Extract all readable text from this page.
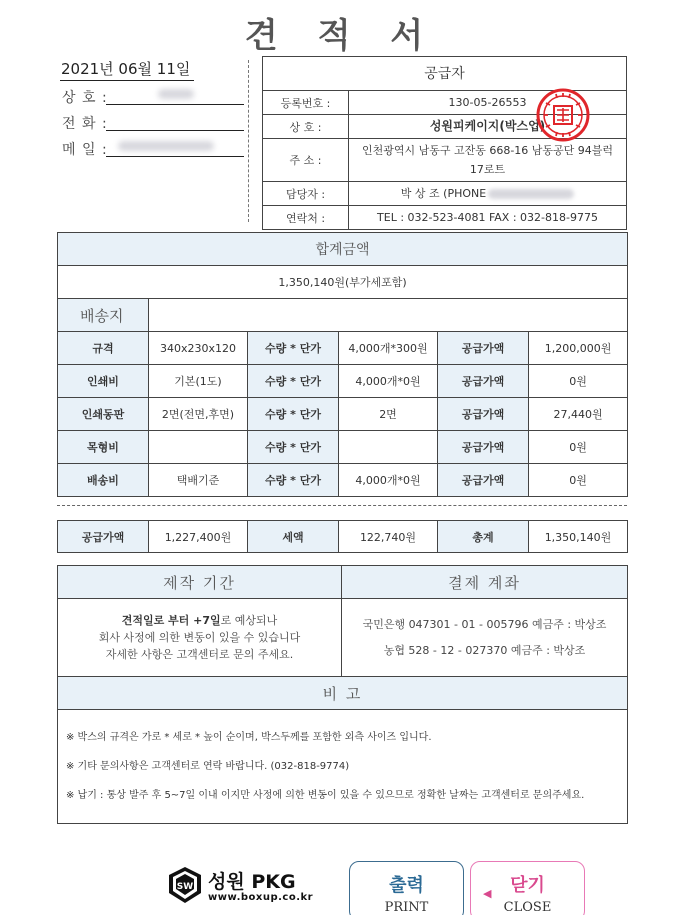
견 적 서
2021년 06월 11일
상 호 :
전 화 :
메 일 :
공급자
등록번호 :	130-05-26553
상 호 :	성원피케이지(박스업)
주 소 :
인천광역시 남동구 고잔동 668-16 남동공단 94블럭 17로트
담당자 :	박 상 조 (PHONE
연락처 :	TEL : 032-523-4081 FAX : 032-818-9775
합계금액					
1,350,140원(부가세포함)					
배송지					
규격	340x230x120	수량 * 단가	4,000개*300원	공급가액	1,200,000원
인쇄비	기본(1도)	수량 * 단가	4,000개*0원	공급가액	0원
인쇄동판	2면(전면,후면)	수량 * 단가	2면	공급가액	27,440원
목형비		수량 * 단가		공급가액	0원
배송비	택배기준	수량 * 단가	4,000개*0원	공급가액	0원
공급가액	1,227,400원	세액	122,740원	총계	1,350,140원
제작 기간	결제 계좌
견적일로 부터 +7일로 예상되나
회사 사정에 의한 변동이 있을 수 있습니다
자세한 사항은 고객센터로 문의 주세요.	국민은행 047301 - 01 - 005796 예금주 : 박상조
농협 528 - 12 - 027370 예금주 : 박상조
비 고	

※ 박스의 규격은 가로 * 세로 * 높이 순이며, 박스두께를 포함한 외측 사이즈 입니다.
※ 기타 문의사항은 고객센터로 연락 바랍니다. (032-818-9774)
※ 납기 : 통상 발주 후 5~7일 이내 이지만 사정에 의한 변동이 있을 수 있으므로 정확한 날짜는 고객센터로 문의주세요.	
SW 성원 PKG
www.boxup.co.kr
출력
PRINT
◀	닫기
CLOSE
